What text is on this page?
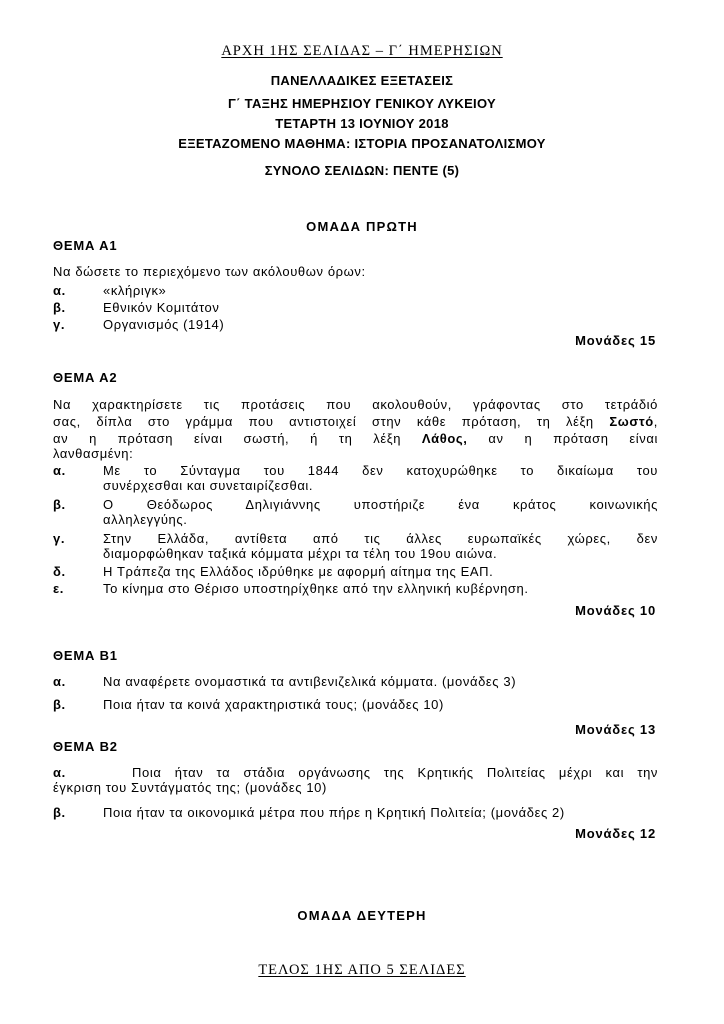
ΑΡΧΗ 1ΗΣ ΣΕΛΙΔΑΣ – Γ΄ ΗΜΕΡΗΣΙΩΝ
ΠΑΝΕΛΛΑΔΙΚΕΣ ΕΞΕΤΑΣΕΙΣ
Γ΄ ΤΑΞΗΣ ΗΜΕΡΗΣΙΟΥ ΓΕΝΙΚΟΥ ΛΥΚΕΙΟΥ
ΤΕΤΑΡΤΗ 13 ΙΟΥΝΙΟΥ 2018
ΕΞΕΤΑΖΟΜΕΝΟ ΜΑΘΗΜΑ: ΙΣΤΟΡΙΑ ΠΡΟΣΑΝΑΤΟΛΙΣΜΟΥ
ΣΥΝΟΛΟ ΣΕΛΙΔΩΝ: ΠΕΝΤΕ (5)
ΟΜΑΔΑ ΠΡΩΤΗ
ΘΕΜΑ Α1
Να δώσετε το περιεχόμενο των ακόλουθων όρων:
α.	«κλήριγκ»
β.	Εθνικόν Κομιτάτον
γ.	Οργανισμός (1914)
Μονάδες 15
ΘΕΜΑ Α2
Να χαρακτηρίσετε τις προτάσεις που ακολουθούν, γράφοντας στο τετράδιό
σας, δίπλα στο γράμμα που αντιστοιχεί στην κάθε πρόταση, τη λέξη Σωστό,
αν η πρόταση είναι σωστή, ή τη λέξη Λάθος, αν η πρόταση είναι
λανθασμένη:
α.	Με το Σύνταγμα του 1844 δεν κατοχυρώθηκε το δικαίωμα του
συνέρχεσθαι και συνεταιρίζεσθαι.
β.	Ο Θεόδωρος Δηλιγιάννης υποστήριζε ένα κράτος κοινωνικής
αλληλεγγύης.
γ.	Στην Ελλάδα, αντίθετα από τις άλλες ευρωπαϊκές χώρες, δεν
διαμορφώθηκαν ταξικά κόμματα μέχρι τα τέλη του 19ου αιώνα.
δ.	Η Τράπεζα της Ελλάδος ιδρύθηκε με αφορμή αίτημα της ΕΑΠ.
ε.	Το κίνημα στο Θέρισο υποστηρίχθηκε από την ελληνική κυβέρνηση.
Μονάδες 10
ΘΕΜΑ Β1
α.	Να αναφέρετε ονομαστικά τα αντιβενιζελικά κόμματα. (μονάδες 3)
β.	Ποια ήταν τα κοινά χαρακτηριστικά τους; (μονάδες 10)
Μονάδες 13
ΘΕΜΑ Β2
α.	Ποια ήταν τα στάδια οργάνωσης της Κρητικής Πολιτείας μέχρι και την
έγκριση του Συντάγματός της; (μονάδες 10)
β.	Ποια ήταν τα οικονομικά μέτρα που πήρε η Κρητική Πολιτεία; (μονάδες 2)
Μονάδες 12
ΟΜΑΔΑ ΔΕΥΤΕΡΗ
ΤΕΛΟΣ 1ΗΣ ΑΠΟ 5 ΣΕΛΙΔΕΣ
